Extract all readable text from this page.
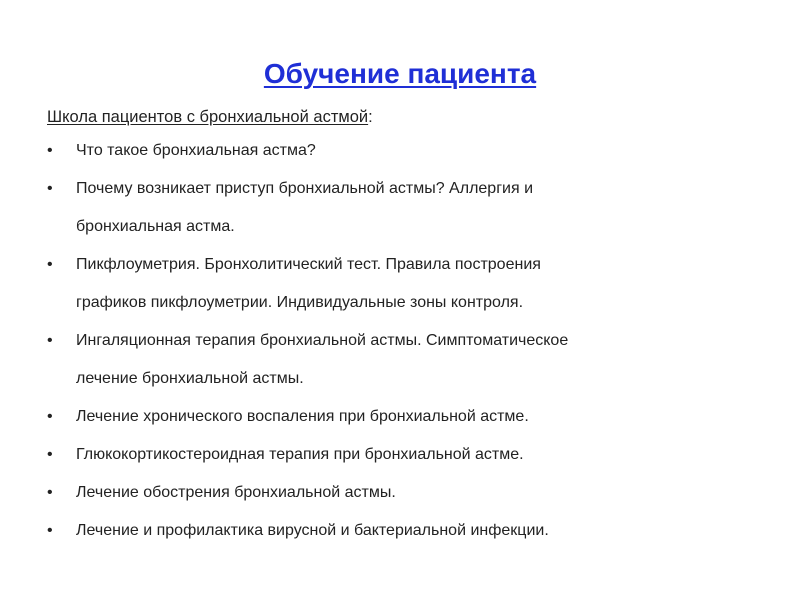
Обучение пациента
Школа пациентов с бронхиальной астмой:
• Что такое бронхиальная астма?
• Почему возникает приступ бронхиальной астмы? Аллергия и
бронхиальная астма.
• Пикфлоуметрия. Бронхолитический тест. Правила построения
графиков пикфлоуметрии. Индивидуальные зоны контроля.
• Ингаляционная терапия бронхиальной астмы. Симптоматическое
лечение бронхиальной астмы.
• Лечение хронического воспаления при бронхиальной астме.
• Глюкокортикостероидная терапия при бронхиальной астме.
• Лечение обострения бронхиальной астмы.
• Лечение и профилактика вирусной и бактериальной инфекции.
